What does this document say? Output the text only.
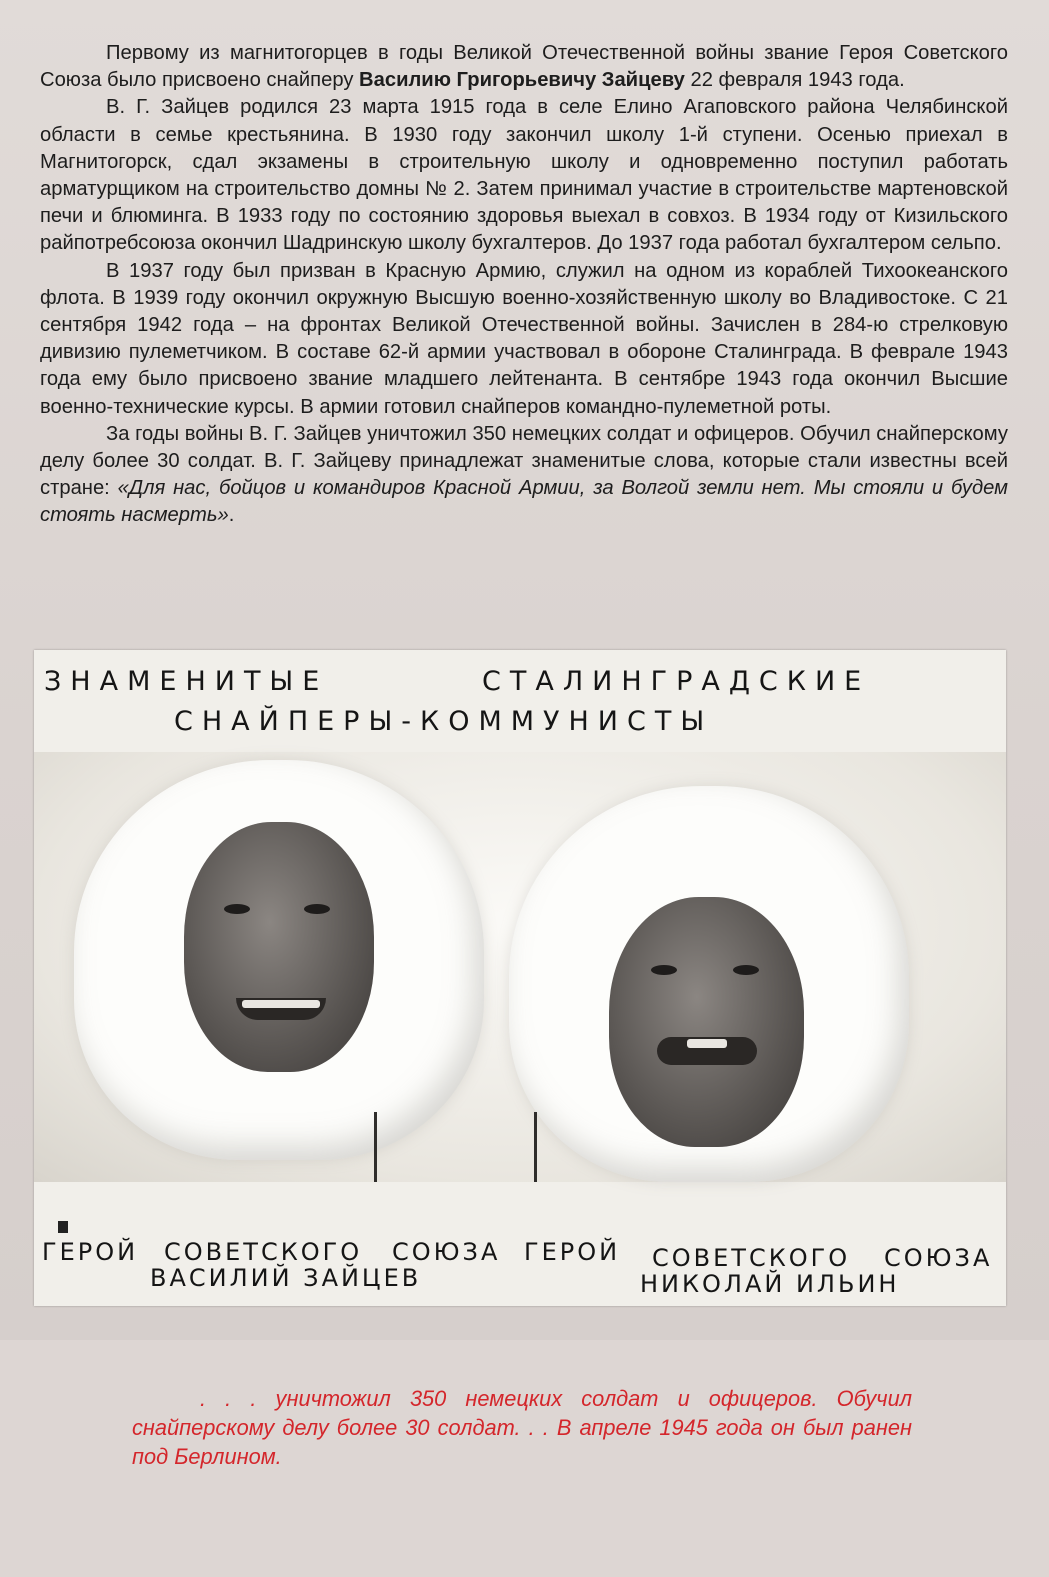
Первому из магнитогорцев в годы Великой Отечественной войны звание Героя Советского Союза было присвоено снайперу Василию Григорьевичу Зайцеву 22 февраля 1943 года.

В. Г. Зайцев родился 23 марта 1915 года в селе Елино Агаповского района Челябинской области в семье крестьянина. В 1930 году закончил школу 1-й ступени. Осенью приехал в Магнитогорск, сдал экзамены в строительную школу и одновременно поступил работать арматурщиком на строительство домны № 2. Затем принимал участие в строительстве мартеновской печи и блюминга. В 1933 году по состоянию здоровья выехал в совхоз. В 1934 году от Кизильского райпотребсоюза окончил Шадринскую школу бухгалтеров. До 1937 года работал бухгалтером сельпо.

В 1937 году был призван в Красную Армию, служил на одном из кораблей Тихоокеанского флота. В 1939 году окончил окружную Высшую военно-хозяйственную школу во Владивостоке. С 21 сентября 1942 года – на фронтах Великой Отечественной войны. Зачислен в 284-ю стрелковую дивизию пулеметчиком. В составе 62-й армии участвовал в обороне Сталинграда. В феврале 1943 года ему было присвоено звание младшего лейтенанта. В сентябре 1943 года окончил Высшие военно-технические курсы. В армии готовил снайперов командно-пулеметной роты.

За годы войны В. Г. Зайцев уничтожил 350 немецких солдат и офицеров. Обучил снайперскому делу более 30 солдат. В. Г. Зайцеву принадлежат знаменитые слова, которые стали известны всей стране: «Для нас, бойцов и командиров Красной Армии, за Волгой земли нет. Мы стояли и будем стоять насмерть».

ЗНАМЕНИТЫЕ	СТАЛИНГРАДСКИЕ
СНАЙПЕРЫ-КОММУНИСТЫ
ГЕРОЙ СОВЕТСКОГО СОЮЗА
ВАСИЛИЙ ЗАЙЦЕВ
ГЕРОЙ СОВЕТСКОГО СОЮЗА
НИКОЛАЙ ИЛЬИН

. . . уничтожил 350 немецких солдат и офицеров. Обучил снайперскому делу более 30 солдат. . . В апреле 1945 года он был ранен под Берлином.
